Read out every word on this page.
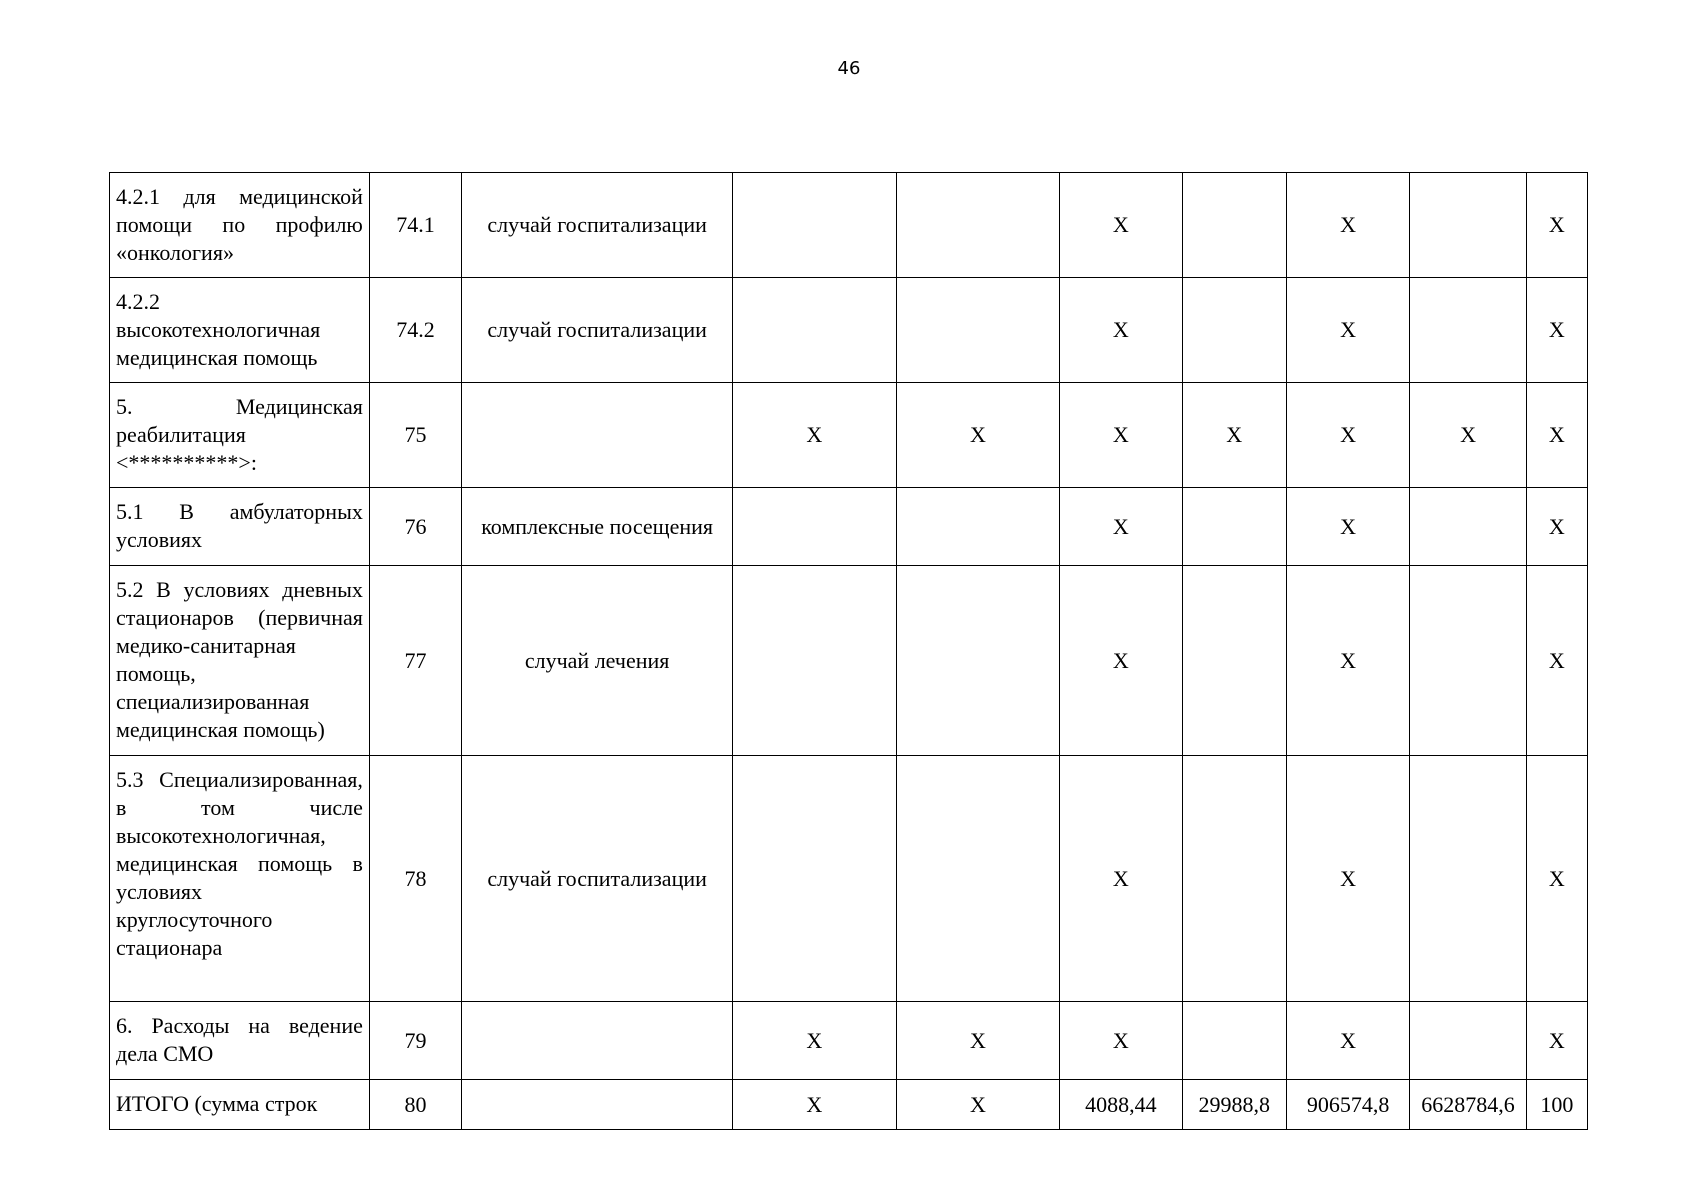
46
4.2.1 для медицинской помощи по профилю «онкология»	74.1	случай госпитализации			X		X		X
4.2.2 высокотехнологичная медицинская помощь	74.2	случай госпитализации			X		X		X
5. Медицинская реабилитация <**********>:	75		X	X	X	X	X	X	X
5.1 В амбулаторных условиях	76	комплексные посещения			X		X		X
5.2 В условиях дневных стационаров (первичная медико-санитарная помощь, специализированная медицинская помощь)	77	случай лечения			X		X		X
5.3 Специализированная, в том числе высокотехнологичная, медицинская помощь в условиях круглосуточного стационара	78	случай госпитализации			X		X		X
6. Расходы на ведение дела СМО	79		X	X	X		X		X
ИТОГО (сумма строк	80		X	X	4088,44	29988,8	906574,8	6628784,6	100
